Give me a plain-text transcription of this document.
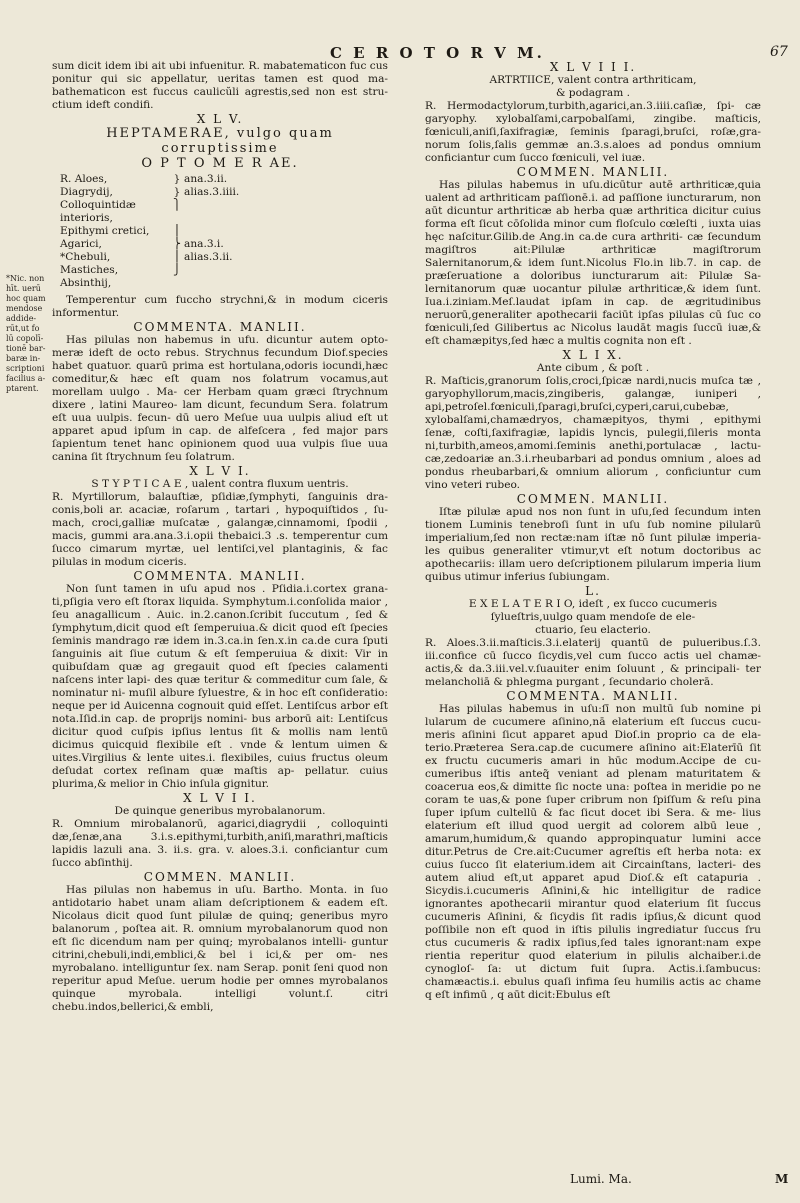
C E R O T O R V M.	67
*Nic. non hīt. uerū hoc quam mendose addide- rūt,ut fo lū copolī- tionē bar- baræ in- scriptioni facilius a- ptarent.

sum dicit idem ibi ait ubi infuenitur. R. mabatematicon fuc cus ponitur qui sic appellatur, ueritas tamen est quod ma- bathematicon est fuccus caulicŭli agrestis,sed non est stru- ctium ideft condifi.

X L V.

HEPTAMERAE, vulgo quam corruptissime

O P T O M E R AE.

R. Aloes,	} ana.3.ii.
Diagrydij,	} alias.3.iiii.
Colloquintidæ interioris,
⎫
Epithymi cretici,	⎪
Agarici,	⎬ ana.3.i.
*Chebuli,	⎪ alias.3.ii.
Mastiches,	⎭
Absinthij,

Temperentur cum fuccho strychni,& in modum ciceris informentur.

COMMENTA. MANLII.

Has pilulas non habemus in ufu. dicuntur autem opto- meræ ideft de octo rebus. Strychnus fecundum Diof.species habet quatuor. quarū prima est hortulana,odoris iocundi,hæc comeditur,& hæc eſt quam nos folatrum vocamus,aut morellam uulgo . Ma- cer Herbam quam græci ſtrychnum dixere , latini Maureo- lam dicunt, fecundum Sera. folatrum eſt uua uulpis. fecun- dū uero Meſue uua uulpis aliud eſt ut apparet apud ipſum in cap. de alfeſcera , fed major pars ſapientum tenet hanc opinionem quod uua vulpis ſiue uua canina ſit ſtrychnum ſeu ſolatrum.

X L V I.

S T Y P T I C A E , ualent contra fluxum uentris.

R. Myrtillorum, balauſtiæ, pſidiæ,ſymphyti, ſanguinis dra- conis,boli ar. acaciæ, roſarum , tartari , hypoquiſtidos , ſu- mach, croci,galliæ muſcatæ , galangæ,cinnamomi, ſpodii , macis, gummi ara.ana.3.i.opii thebaici.3 .s. temperentur cum ſucco cimarum myrtæ, uel lentiſci,vel plantaginis, & fac pilulas in modum ciceris.

COMMENTA. MANLII.

Non ſunt tamen in uſu apud nos . Pſidia.i.cortex grana- ti,pſigia vero eſt ſtorax liquida. Symphytum.i.conſolida maior , ſeu anagallicum . Auic. in.2.canon.ſcribit ſuccutum , ſed & ſymphytum,dicit quod eſt ſemperuiua.& dicit quod eſt ſpecies ſeminis mandrago ræ idem in.3.ca.in ſen.x.in ca.de cura ſputi ſanguinis ait ſiue cutum & eſt ſemperuiua & dixit: Vir in quibuſdam quæ ag gregauit quod eſt ſpecies calamenti naſcens inter lapi- des quæ teritur & commeditur cum ſale, & nominatur ni- muſil albure ſyluestre, & in hoc eſt conſideratio: neque per id Auicenna cognouit quid eſſet. Lentiſcus arbor eſt nota.Iſid.in cap. de proprijs nomini- bus arborū ait: Lentiſcus dicitur quod cuſpis ipſius lentus ſit & mollis nam lentū dicimus quicquid flexibile eſt . vnde & lentum uimen & uites.Virgilius & lente uites.i. flexibiles, cuius fructus oleum deſudat cortex reſinam quæ maſtis ap- pellatur. cuius plurima,& melior in Chio inſula gignitur.

X L V I I.

De quinque generibus myrobalanorum.

R. Omnium mirobalanorū, agarici,diagrydii , colloquinti dæ,ſenæ,ana 3.i.s.epithymi,turbith,aniſi,marathri,maſticis lapidis lazuli ana. 3. ii.s. gra. v. aloes.3.i. conficiantur cum ſucco abſinthij.

COMMEN. MANLII.

Has pilulas non habemus in uſu. Bartho. Monta. in ſuo antidotario habet unam aliam deſcriptionem & eadem eſt. Nicolaus dicit quod ſunt pilulæ de quinq; generibus myro balanorum , poſtea ait. R. omnium myrobalanorum quod non eſt ſic dicendum nam per quinq; myrobalanos intelli- guntur citrini,chebuli,indi,emblici,& bel i ici,& per om- nes myrobalano. intelliguntur ſex. nam Serap. ponit ſeni quod non reperitur apud Meſue. uerum hodie per omnes myrobalanos quinque myrobala. intelligi volunt.ſ. citri chebu.indos,bellerici,& embli,

X L V I I I.

ARTRTIICE, valent contra arthriticam,

& podagram .

R. Hermodactylorum,turbith,agarici,an.3.iiii.caſiæ, ſpi- cæ garyophy. xylobalſami,carpobalſami, zingibe. maſticis, fœniculi,aniſi,ſaxifragiæ, ſeminis ſparagi,bruſci, roſæ,gra- norum ſolis,ſalis gemmæ an.3.s.aloes ad pondus omnium conficiantur cum ſucco fœniculi, vel iuæ.

COMMEN. MANLII.

Has pilulas habemus in uſu.dicūtur autē arthriticæ,quia ualent ad arthriticam paſſionē.i. ad paſſione iuncturarum, non aūt dicuntur arthriticæ ab herba quæ arthritica dicitur cuius forma eſt ſicut cōſolida minor cum floſculo cœleſti , iuxta uias hęc naſcitur.Gilib.de Ang.in ca.de cura arthriti- cæ ſecundum magiſtros ait:Pilulæ arthriticæ magiſtrorum Salernitanorum,& idem ſunt.Nicolus Flo.in lib.7. in cap. de præſeruatione a doloribus iuncturarum ait: Pilulæ Sa- lernitanorum quæ uocantur pilulæ arthriticæ,& idem ſunt. Iua.i.ziniam.Meſ.laudat ipſam in cap. de ægritudinibus neruorū,generaliter apothecarii faciūt ipſas pilulas cū ſuc co fœniculi,ſed Gilibertus ac Nicolus laudāt magis ſuccū iuæ,& eſt chamæpitys,ſed hæc a multis cognita non eſt .

X L I X.

Ante cibum , & poſt .

R. Maſticis,granorum ſolis,croci,ſpicæ nardi,nucis muſca tæ , garyophyllorum,macis,zingiberis, galangæ, iuniperi , api,petroſel.fœniculi,ſparagi,bruſci,cyperi,carui,cubebæ, xylobalſami,chamædryos, chamæpityos, thymi , epithymi ſenæ, coſti,ſaxifragiæ, lapidis lyncis, pulegii,ſileris monta ni,turbith,ameos,amomi.ſeminis anethi,portulacæ , lactu- cæ,zedoariæ an.3.i.rheubarbari ad pondus omnium , aloes ad pondus rheubarbari,& omnium aliorum , conficiuntur cum vino veteri rubeo.

COMMEN. MANLII.

Iſtæ pilulæ apud nos non ſunt in uſu,ſed ſecundum inten tionem Luminis tenebroſi ſunt in uſu ſub nomine pilularū imperialium,ſed non rectæ:nam iſtæ nō ſunt pilulæ imperia- les quibus generaliter vtimur,vt eſt notum doctoribus ac apothecariis: illam uero deſcriptionem pilularum imperia lium quibus utimur inferius ſubiungam.

L.

E X E L A T E R I O, ideſt , ex ſucco cucumeris

ſylueſtris,uulgo quam mendoſe de ele-

ctuario, ſeu elacterio.

R. Aloes.3.ii.maſticis.3.i.elaterij quantū de pulueribus.ſ.3. iii.confice cū ſucco ſicydis,vel cum ſucco actis uel chamæ- actis,& da.3.iii.vel.v.ſuauiter enim ſoluunt , & principali- ter melancholiā & phlegma purgant , ſecundario cholerā.

COMMENTA. MANLII.

Has pilulas habemus in uſu:ſī non multū ſub nomine pi lularum de cucumere aſinino,nā elaterium eſt ſuccus cucu- meris aſinini ſicut apparet apud Dioſ.in proprio ca de ela- terio.Præterea Sera.cap.de cucumere aſinino ait:Elaterīū ſit ex fructu cucumeris amari in hūc modum.Accipe de cu- cumeribus iſtis anteq̃ veniant ad plenam maturitatem & coacerua eos,& dimitte ſic nocte una: poſtea in meridie po ne coram te uas,& pone ſuper cribrum non ſpiſſum & reſu pina ſuper ipſum cultellū & fac ſicut docet ibi Sera. & me- lius elaterium eſt illud quod uergit ad colorem albū leue , amarum,humidum,& quando appropinquatur lumini acce ditur.Petrus de Cre.ait:Cucumer agreſtis eſt herba nota: ex cuius ſucco ſit elaterium.idem ait Circainſtans, lacteri- des autem aliud eſt,ut apparet apud Dioſ.& eſt catapuria . Sicydis.i.cucumeris Aſinini,& hic intelligitur de radice ignorantes apothecarii mirantur quod elaterium ſit ſuccus cucumeris Aſinini, & ſicydis ſit radis ipſius,& dicunt quod poſſibile non eſt quod in iſtis pilulis ingrediatur ſuccus ſru ctus cucumeris & radix ipſius,ſed tales ignorant:nam expe rientia reperitur quod elaterium in pilulis alchaiber.i.de cynogloſ- ſa: ut dictum fuit ſupra. Actis.i.ſambucus: chamæactis.i. ebulus quaſi infima ſeu humilis actis ac chame q eſt infimū , q aūt dicit:Ebulus eſt

Lumi. Ma.	M
